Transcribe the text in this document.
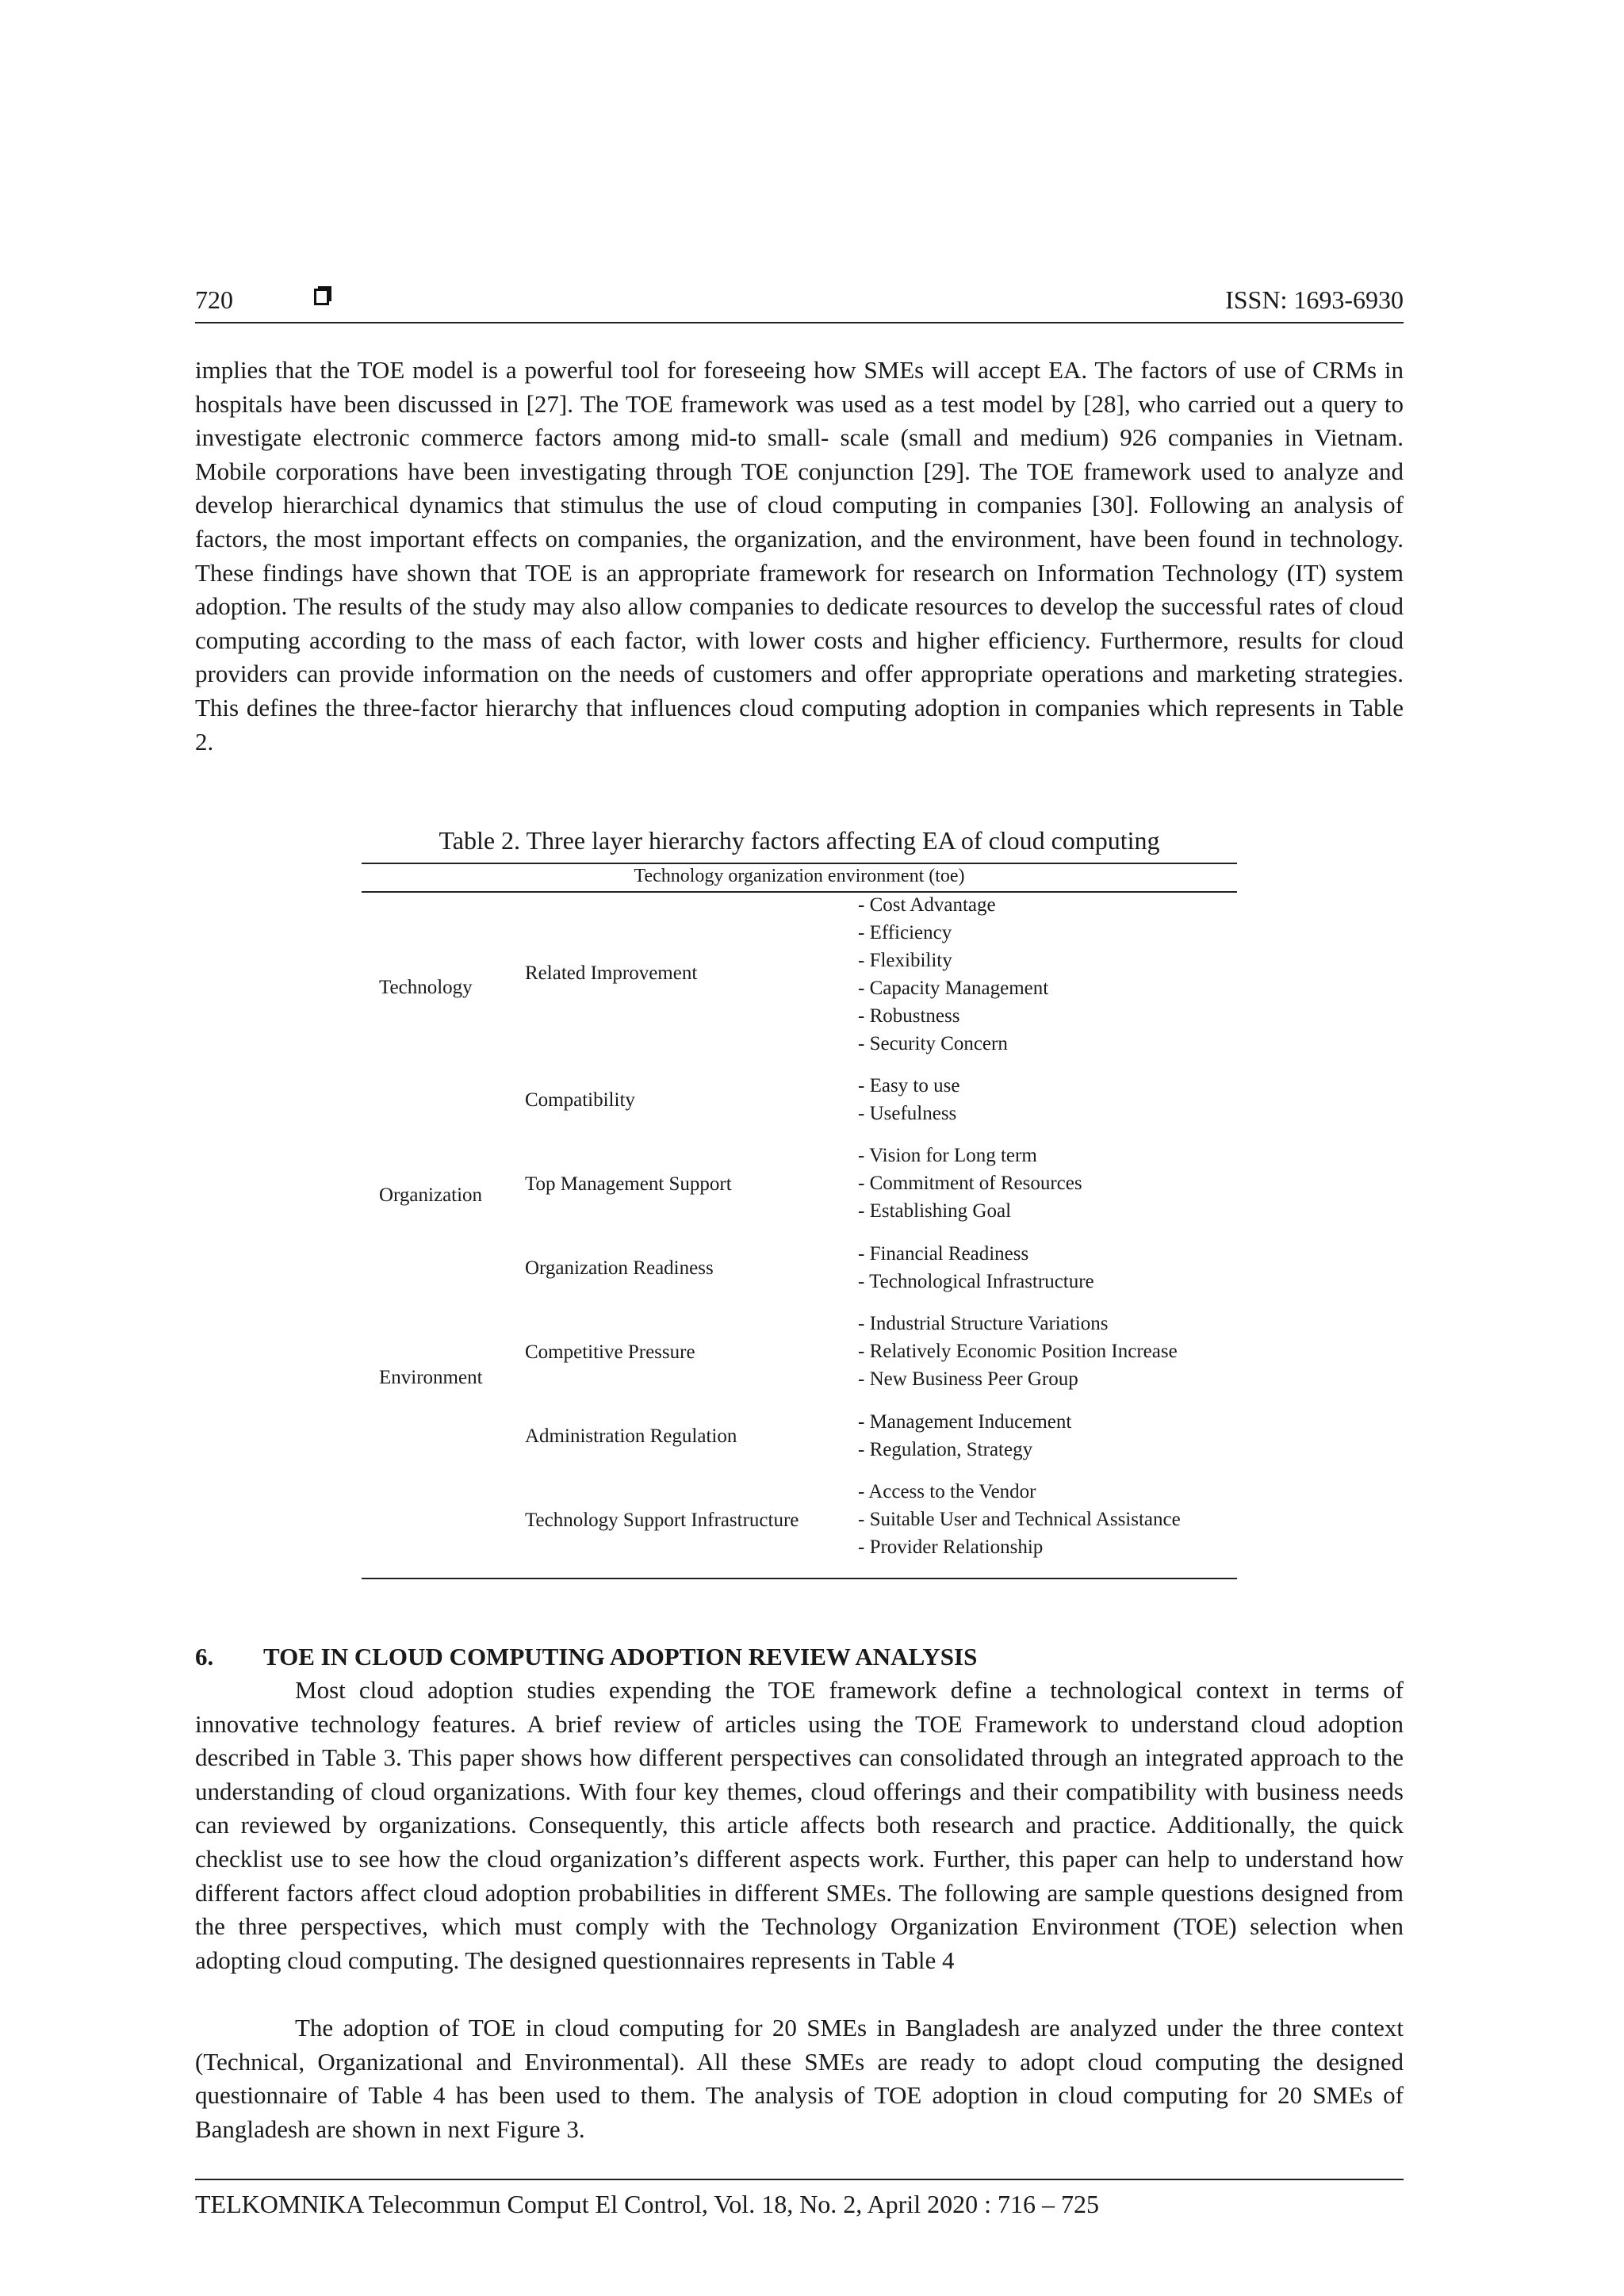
720	ISSN: 1693-6930

implies that the TOE model is a powerful tool for foreseeing how SMEs will accept EA. The factors of use of CRMs in hospitals have been discussed in [27]. The TOE framework was used as a test model by [28], who carried out a query to investigate electronic commerce factors among mid-to small- scale (small and medium) 926 companies in Vietnam. Mobile corporations have been investigating through TOE conjunction [29]. The TOE framework used to analyze and develop hierarchical dynamics that stimulus the use of cloud computing in companies [30]. Following an analysis of factors, the most important effects on companies, the organization, and the environment, have been found in technology. These findings have shown that TOE is an appropriate framework for research on Information Technology (IT) system adoption. The results of the study may also allow companies to dedicate resources to develop the successful rates of cloud computing according to the mass of each factor, with lower costs and higher efficiency. Furthermore, results for cloud providers can provide information on the needs of customers and offer appropriate operations and marketing strategies. This defines the three-factor hierarchy that influences cloud computing adoption in companies which represents in Table 2.

Table 2. Three layer hierarchy factors affecting EA of cloud computing
Technology organization environment (toe)
Technology
Organization
Environment
Related Improvement
- Cost Advantage
- Efficiency
- Flexibility
- Capacity Management
- Robustness
- Security Concern
Compatibility
- Easy to use
- Usefulness
Top Management Support
- Vision for Long term
- Commitment of Resources
- Establishing Goal
Organization Readiness
- Financial Readiness
- Technological Infrastructure
Competitive Pressure
- Industrial Structure Variations
- Relatively Economic Position Increase
- New Business Peer Group
Administration Regulation
- Management Inducement
- Regulation, Strategy
Technology Support Infrastructure
- Access to the Vendor
- Suitable User and Technical Assistance
- Provider Relationship
6. TOE IN CLOUD COMPUTING ADOPTION REVIEW ANALYSIS

Most cloud adoption studies expending the TOE framework define a technological context in terms of innovative technology features. A brief review of articles using the TOE Framework to understand cloud adoption described in Table 3. This paper shows how different perspectives can consolidated through an integrated approach to the understanding of cloud organizations. With four key themes, cloud offerings and their compatibility with business needs can reviewed by organizations. Consequently, this article affects both research and practice. Additionally, the quick checklist use to see how the cloud organization’s different aspects work. Further, this paper can help to understand how different factors affect cloud adoption probabilities in different SMEs. The following are sample questions designed from the three perspectives, which must comply with the Technology Organization Environment (TOE) selection when adopting cloud computing. The designed questionnaires represents in Table 4

The adoption of TOE in cloud computing for 20 SMEs in Bangladesh are analyzed under the three context (Technical, Organizational and Environmental). All these SMEs are ready to adopt cloud computing the designed questionnaire of Table 4 has been used to them. The analysis of TOE adoption in cloud computing for 20 SMEs of Bangladesh are shown in next Figure 3.

TELKOMNIKA Telecommun Comput El Control, Vol. 18, No. 2, April 2020 : 716 – 725
